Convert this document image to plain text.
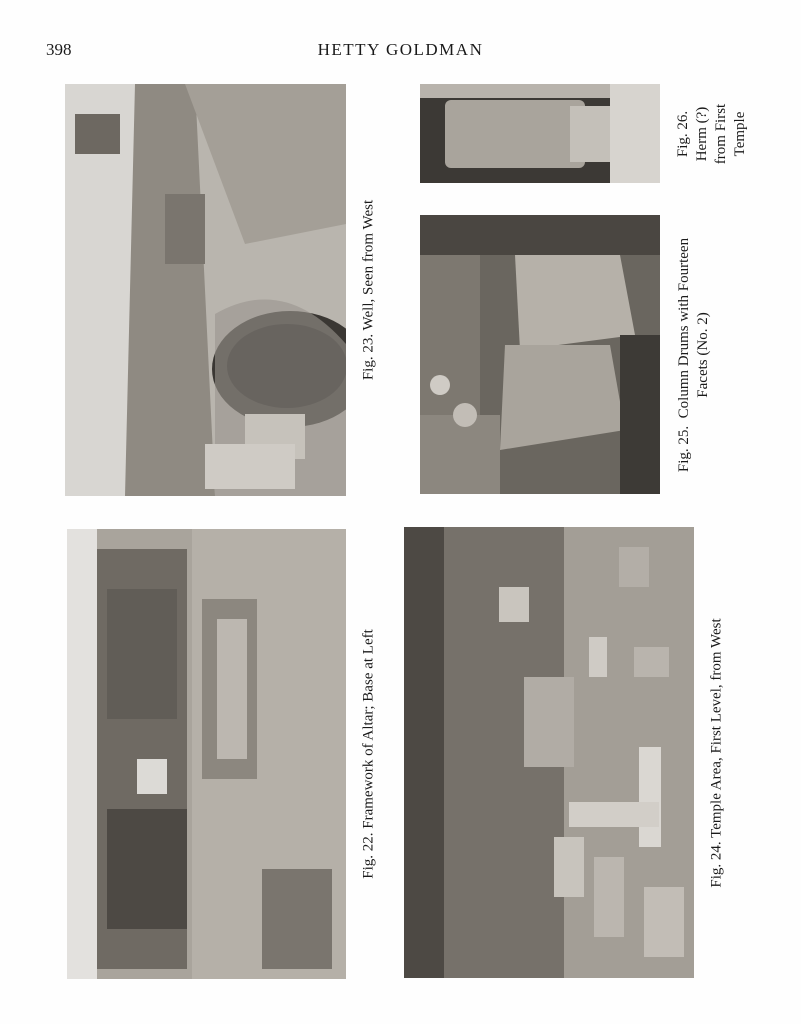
398	HETTY GOLDMAN
Fig. 23. Well, Seen from West
Fig. 22. Framework of Altar; Base at Left
Fig. 26. Herm (?) from First Temple
Fig. 25.  Column Drums with Fourteen Facets (No. 2)
Fig. 24. Temple Area, First Level, from West
